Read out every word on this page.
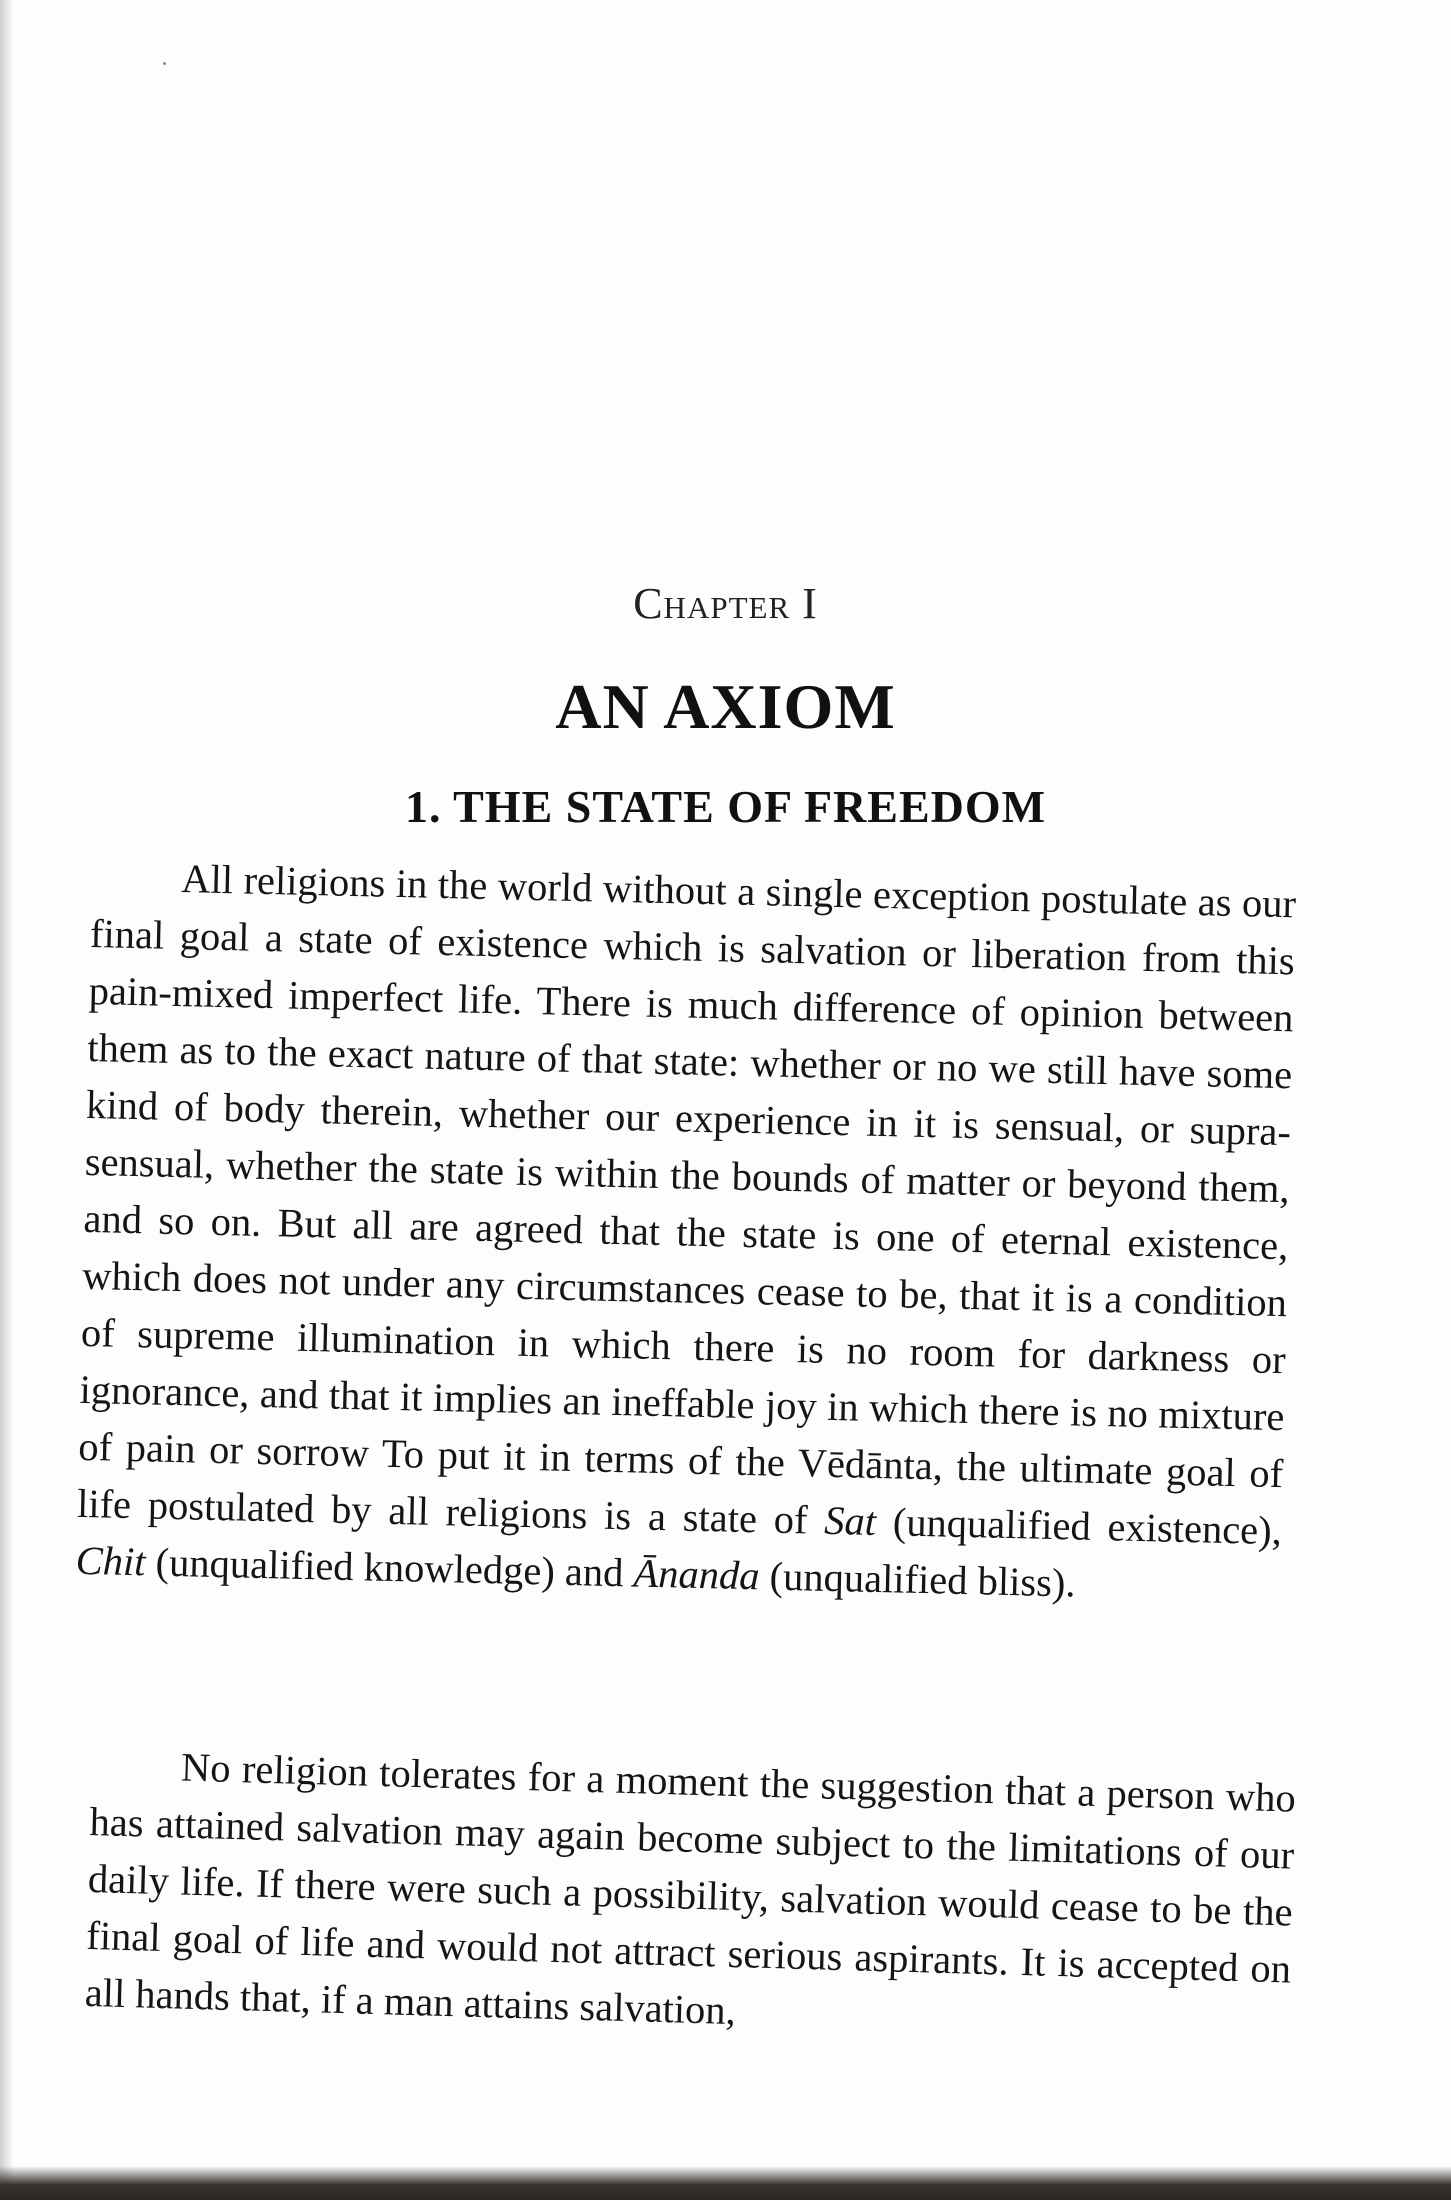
Chapter I
AN AXIOM
1. THE STATE OF FREEDOM

All religions in the world without a single exception postulate as our final goal a state of existence which is salvation or liberation from this pain-mixed imperfect life. There is much difference of opinion between them as to the exact nature of that state: whether or no we still have some kind of body therein, whether our experience in it is sensual, or supra-sensual, whether the state is within the bounds of matter or beyond them, and so on. But all are agreed that the state is one of eternal existence, which does not under any circumstances cease to be, that it is a condition of supreme illumination in which there is no room for darkness or ignorance, and that it implies an ineffable joy in which there is no mixture of pain or sorrow To put it in terms of the Vēdānta, the ultimate goal of life postulated by all religions is a state of Sat (unqualified existence), Chit (unqualified knowledge) and Ānanda (unqualified bliss).

No religion tolerates for a moment the suggestion that a person who has attained salvation may again become subject to the limitations of our daily life. If there were such a possibility, salvation would cease to be the final goal of life and would not attract serious aspirants. It is accepted on all hands that, if a man attains salvation,
